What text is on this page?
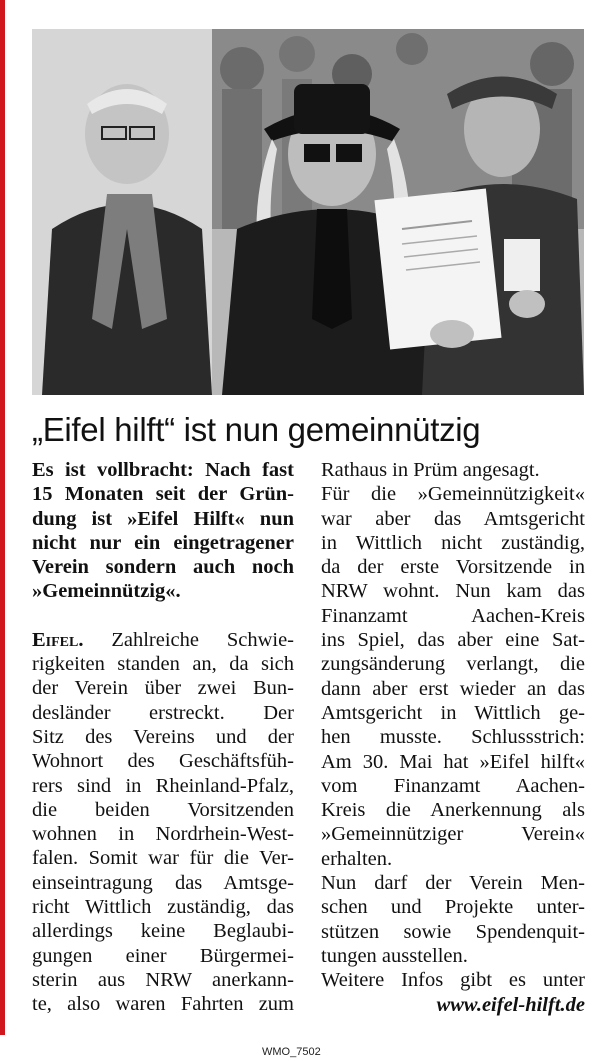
„Eifel hilft“ ist nun gemeinnützig
Es ist vollbracht: Nach fast
15 Monaten seit der Grün-
dung ist »Eifel Hilft« nun
nicht nur ein eingetragener
Verein sondern auch noch
»Gemeinnützig«.
Eifel. Zahlreiche Schwie-
rigkeiten standen an, da sich
der Verein über zwei Bun-
desländer erstreckt. Der
Sitz des Vereins und der
Wohnort des Geschäftsfüh-
rers sind in Rheinland-Pfalz,
die beiden Vorsitzenden
wohnen in Nordrhein-West-
falen. Somit war für die Ver-
einseintragung das Amtsge-
richt Wittlich zuständig, das
allerdings keine Beglaubi-
gungen einer Bürgermei-
sterin aus NRW anerkann-
te, also waren Fahrten zum
Rathaus in Prüm angesagt.
Für die »Gemeinnützigkeit«
war aber das Amtsgericht
in Wittlich nicht zuständig,
da der erste Vorsitzende in
NRW wohnt. Nun kam das
Finanzamt Aachen-Kreis
ins Spiel, das aber eine Sat-
zungsänderung verlangt, die
dann aber erst wieder an das
Amtsgericht in Wittlich ge-
hen musste. Schlussstrich:
Am 30. Mai hat »Eifel hilft«
vom Finanzamt Aachen-
Kreis die Anerkennung als
»Gemeinnütziger Verein«
erhalten.
Nun darf der Verein Men-
schen und Projekte unter-
stützen sowie Spendenquit-
tungen ausstellen.
Weitere Infos gibt es unter
www.eifel-hilft.de
WMO_7502
